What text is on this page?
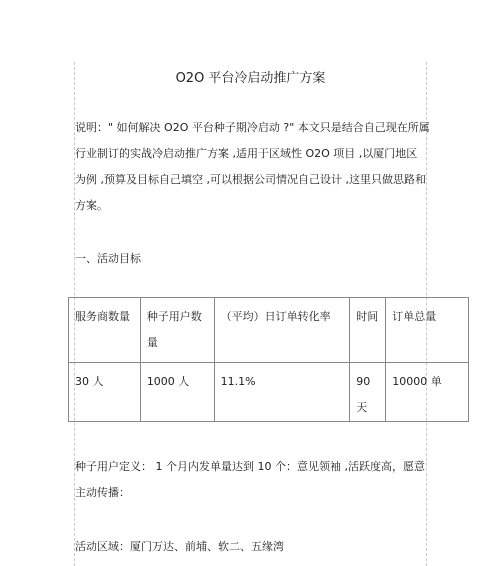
O2O 平台冷启动推广方案
说明：" 如何解决 O2O 平台种子期冷启动 ?" 本文只是结合自己现在所属
行业制订的实战冷启动推广方案 ,适用于区域性 O2O 项目 ,以厦门地区
为例 ,预算及目标自己填空 ,可以根据公司情况自己设计 ,这里只做思路和
方案。
一、活动目标
服务商数量	种子用户数量	（平均）日订单转化率	时间	订单总量
30 人	1000 人	11.1%	90 天	10000 单
种子用户定义： 1 个月内发单量达到 10 个：意见领袖 ,活跃度高，愿意
主动传播：
活动区域：厦门万达、前埔、软二、五缘湾
